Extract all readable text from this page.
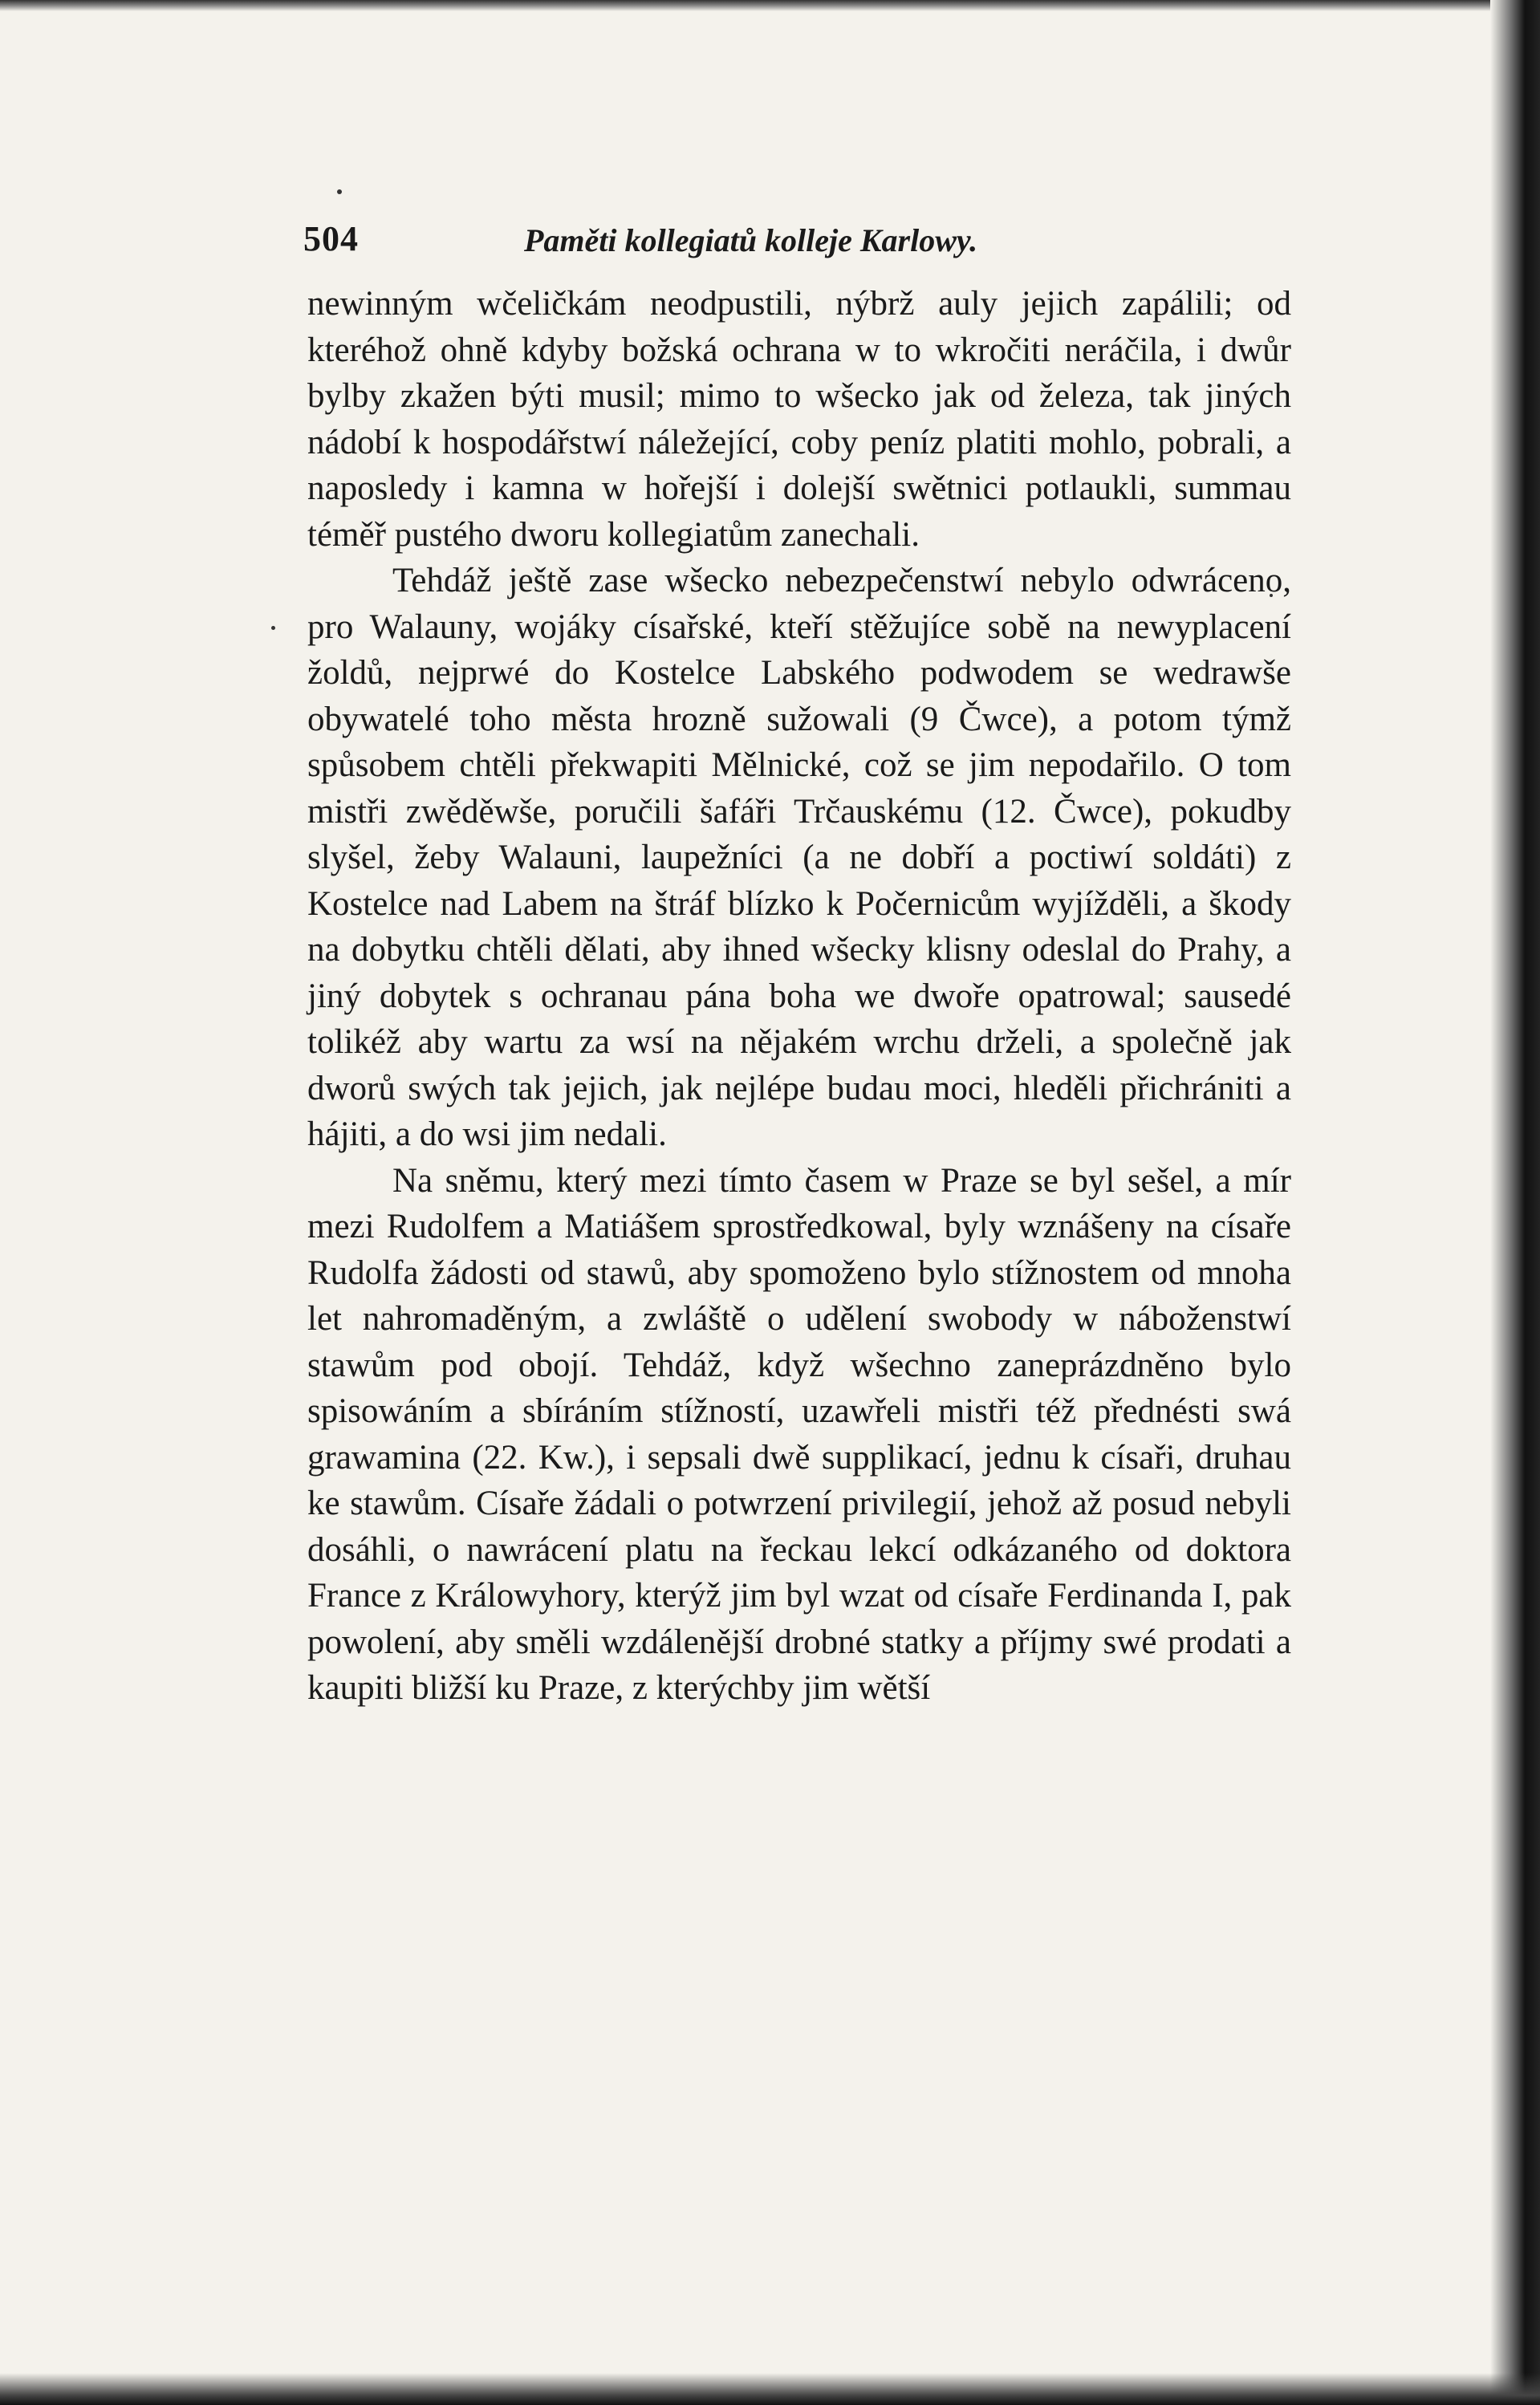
504	Paměti kollegiatů kolleje Karlowy.

newinným wčeličkám neodpustili, nýbrž auly jejich zapálili; od kteréhož ohně kdyby božská ochrana w to wkročiti neráčila, i dwůr bylby zkažen býti musil; mimo to wšecko jak od železa, tak jiných nádobí k hospodářstwí náležející, coby peníz platiti mohlo, pobrali, a naposledy i kamna w hořejší i dolejší swětnici potlaukli, summau téměř pustého dworu kollegiatům zanechali.

Tehdáž ještě zase wšecko nebezpečenstwí nebylo odwráceno, pro Walauny, wojáky císařské, kteří stěžujíce sobě na newyplacení žoldů, nejprwé do Kostelce Labského podwodem se wedrawše obywatelé toho města hrozně sužowali (9 Čwce), a potom týmž spůsobem chtěli překwapiti Mělnické, což se jim nepodařilo. O tom mistři zwěděwše, poručili šafáři Trčauskému (12. Čwce), pokudby slyšel, žeby Walauni, laupežníci (a ne dobří a poctiwí soldáti) z Kostelce nad Labem na štráf blízko k Počernicům wyjížděli, a škody na dobytku chtěli dělati, aby ihned wšecky klisny odeslal do Prahy, a jiný dobytek s ochranau pána boha we dwoře opatrowal; sausedé tolikéž aby wartu za wsí na nějakém wrchu drželi, a společně jak dworů swých tak jejich, jak nejlépe budau moci, hleděli přichrániti a hájiti, a do wsi jim nedali.

Na sněmu, který mezi tímto časem w Praze se byl sešel, a mír mezi Rudolfem a Matiášem sprostředkowal, byly wznášeny na císaře Rudolfa žádosti od stawů, aby spomoženo bylo stížnostem od mnoha let nahromaděným, a zwláště o udělení swobody w náboženstwí stawům pod obojí. Tehdáž, když wšechno zaneprázdněno bylo spisowáním a sbíráním stížností, uzawřeli mistři též přednésti swá grawamina (22. Kw.), i sepsali dwě supplikací, jednu k císaři, druhau ke stawům. Císaře žádali o potwrzení privilegií, jehož až posud nebyli dosáhli, o nawrácení platu na řeckau lekcí odkázaného od doktora France z Králowyhory, kterýž jim byl wzat od císaře Ferdinanda I, pak powolení, aby směli wzdálenější drobné statky a příjmy swé prodati a kaupiti bližší ku Praze, z kterýchby jim wětší
